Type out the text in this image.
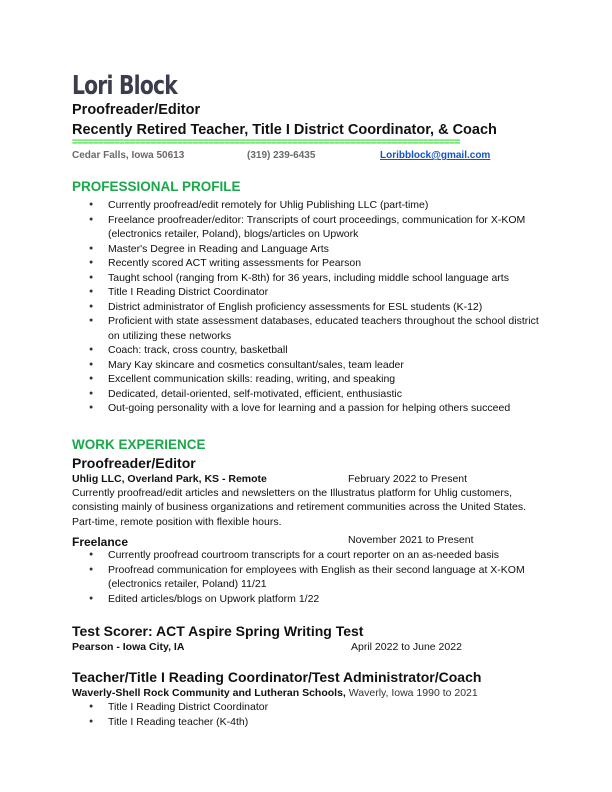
Lori Block
Proofreader/Editor
Recently Retired Teacher, Title I District Coordinator, & Coach
==========================================================================
Cedar Falls, Iowa 50613	(319) 239-6435	Loribblock@gmail.com
PROFESSIONAL PROFILE
● Currently proofread/edit remotely for Uhlig Publishing LLC (part-time)
● Freelance proofreader/editor: Transcripts of court proceedings, communication for X-KOM (electronics retailer, Poland), blogs/articles on Upwork
● Master's Degree in Reading and Language Arts
● Recently scored ACT writing assessments for Pearson
● Taught school (ranging from K-8th) for 36 years, including middle school language arts
● Title I Reading District Coordinator
● District administrator of English proficiency assessments for ESL students (K-12)
● Proficient with state assessment databases, educated teachers throughout the school district on utilizing these networks
● Coach: track, cross country, basketball
● Mary Kay skincare and cosmetics consultant/sales, team leader
● Excellent communication skills: reading, writing, and speaking
● Dedicated, detail-oriented, self-motivated, efficient, enthusiastic
● Out-going personality with a love for learning and a passion for helping others succeed
WORK EXPERIENCE
Proofreader/Editor
Uhlig LLC, Overland Park, KS - Remote	February 2022 to Present

Currently proofread/edit articles and newsletters on the Illustratus platform for Uhlig customers, consisting mainly of business organizations and retirement communities across the United States. Part-time, remote position with flexible hours.

Freelance	November 2021 to Present
● Currently proofread courtroom transcripts for a court reporter on an as-needed basis
● Proofread communication for employees with English as their second language at X-KOM (electronics retailer, Poland) 11/21
● Edited articles/blogs on Upwork platform 1/22
Test Scorer: ACT Aspire Spring Writing Test
Pearson - Iowa City, IA	April 2022 to June 2022
Teacher/Title I Reading Coordinator/Test Administrator/Coach
Waverly-Shell Rock Community and Lutheran Schools, Waverly, Iowa 1990 to 2021
● Title I Reading District Coordinator
● Title I Reading teacher (K-4th)
